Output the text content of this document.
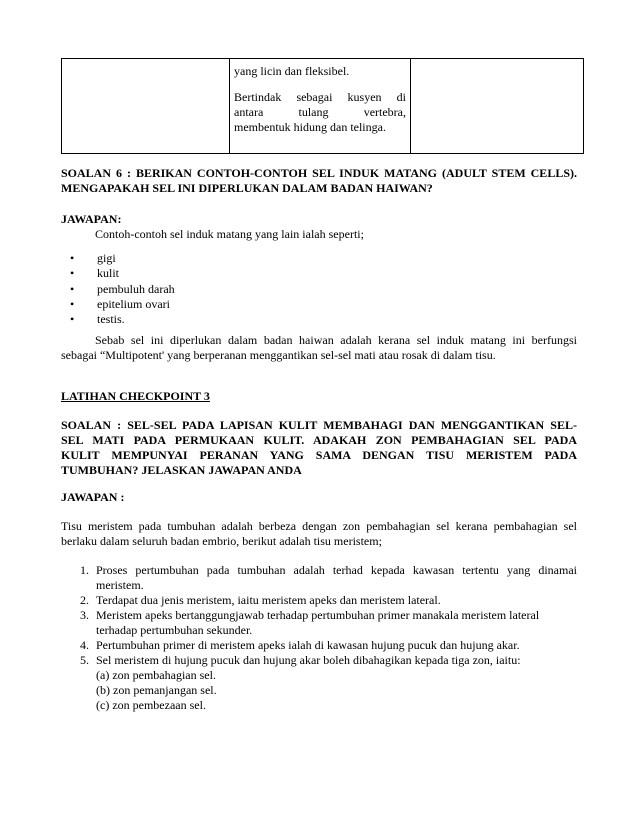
yang licin dan fleksibel.
Bertindak sebagai kusyen di
antara tulang vertebra,
membentuk hidung dan telinga.

SOALAN 6 : BERIKAN CONTOH-CONTOH SEL INDUK MATANG (ADULT STEM CELLS).
MENGAPAKAH SEL INI DIPERLUKAN DALAM BADAN HAIWAN?
JAWAPAN:
Contoh-contoh sel induk matang yang lain ialah seperti;
•	gigi
•	kulit
•	pembuluh darah
•	epitelium ovari
•	testis.
Sebab sel ini diperlukan dalam badan haiwan adalah kerana sel induk matang ini berfungsi
sebagai “Multipotent' yang berperanan menggantikan sel-sel mati atau rosak di dalam tisu.
LATIHAN CHECKPOINT 3
SOALAN : SEL-SEL PADA LAPISAN KULIT MEMBAHAGI DAN MENGGANTIKAN SEL-
SEL MATI PADA PERMUKAAN KULIT. ADAKAH ZON PEMBAHAGIAN SEL PADA
KULIT MEMPUNYAI PERANAN YANG SAMA DENGAN TISU MERISTEM PADA
TUMBUHAN? JELASKAN JAWAPAN ANDA
JAWAPAN :
Tisu meristem pada tumbuhan adalah berbeza dengan zon pembahagian sel kerana pembahagian sel
berlaku dalam seluruh badan embrio, berikut adalah tisu meristem;
1. Proses pertumbuhan pada tumbuhan adalah terhad kepada kawasan tertentu yang dinamai
meristem.
2. Terdapat dua jenis meristem, iaitu meristem apeks dan meristem lateral.
3. Meristem apeks bertanggungjawab terhadap pertumbuhan primer manakala meristem lateral
terhadap pertumbuhan sekunder.
4. Pertumbuhan primer di meristem apeks ialah di kawasan hujung pucuk dan hujung akar.
5. Sel meristem di hujung pucuk dan hujung akar boleh dibahagikan kepada tiga zon, iaitu:
(a) zon pembahagian sel.
(b) zon pemanjangan sel.
(c) zon pembezaan sel.
